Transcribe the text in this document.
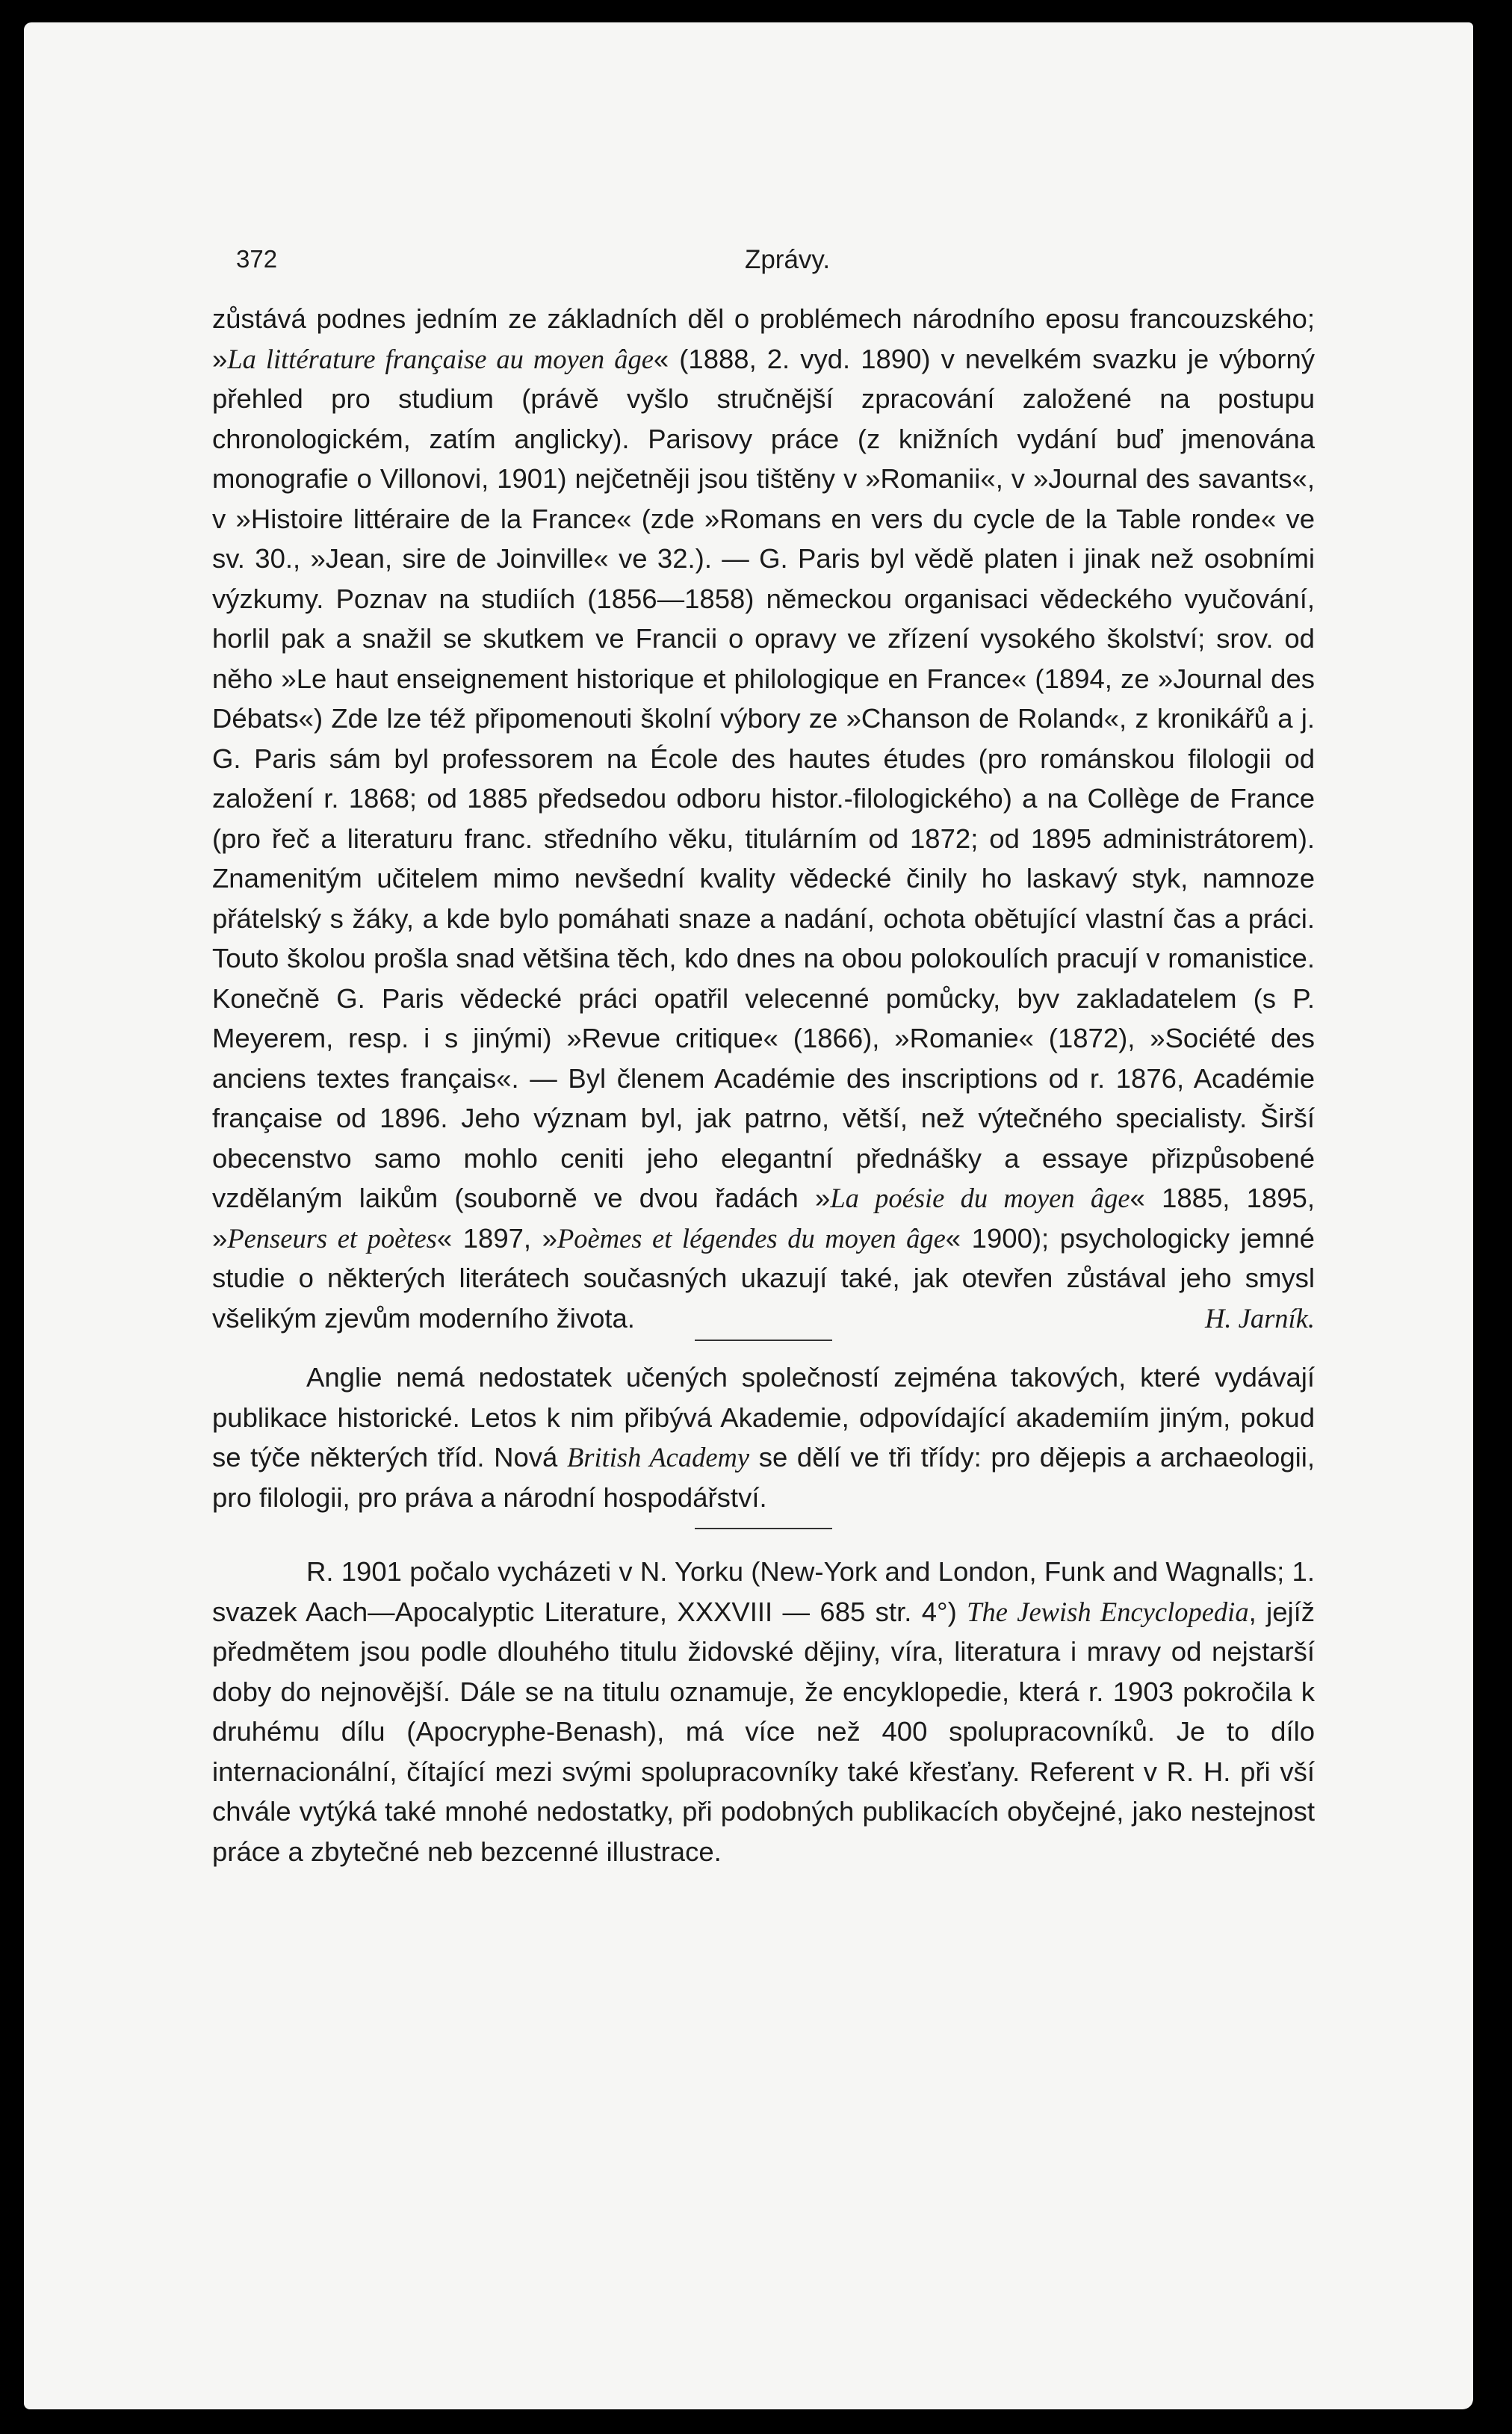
372	Zprávy.

zůstává podnes jedním ze základních děl o problémech národního eposu francouzského; »La littérature française au moyen âge« (1888, 2. vyd. 1890) v nevelkém svazku je výborný přehled pro studium (právě vyšlo stručnější zpracování založené na postupu chronologickém, zatím anglicky). Parisovy práce (z knižních vydání buď jmenována monografie o Villonovi, 1901) nejčetněji jsou tištěny v »Romanii«, v »Journal des savants«, v »Histoire littéraire de la France« (zde »Romans en vers du cycle de la Table ronde« ve sv. 30., »Jean, sire de Joinville« ve 32.). — G. Paris byl vědě platen i jinak než osobními výzkumy. Poznav na studiích (1856—1858) německou organisaci vědeckého vyučování, horlil pak a snažil se skutkem ve Francii o opravy ve zřízení vysokého školství; srov. od něho »Le haut enseignement historique et philologique en France« (1894, ze »Journal des Débats«) Zde lze též připomenouti školní výbory ze »Chanson de Roland«, z kronikářů a j. G. Paris sám byl professorem na École des hautes études (pro románskou filologii od založení r. 1868; od 1885 předsedou odboru histor.-filologického) a na Collège de France (pro řeč a literaturu franc. středního věku, titulárním od 1872; od 1895 administrátorem). Znamenitým učitelem mimo nevšední kvality vědecké činily ho laskavý styk, namnoze přátelský s žáky, a kde bylo pomáhati snaze a nadání, ochota obětující vlastní čas a práci. Touto školou prošla snad většina těch, kdo dnes na obou polokoulích pracují v romanistice. Konečně G. Paris vědecké práci opatřil velecenné pomůcky, byv zakladatelem (s P. Meyerem, resp. i s jinými) »Revue critique« (1866), »Romanie« (1872), »Société des anciens textes français«. — Byl členem Académie des inscriptions od r. 1876, Académie française od 1896. Jeho význam byl, jak patrno, větší, než výtečného specialisty. Širší obecenstvo samo mohlo ceniti jeho elegantní přednášky a essaye přizpůsobené vzdělaným laikům (souborně ve dvou řadách »La poésie du moyen âge« 1885, 1895, »Penseurs et poètes« 1897, »Poèmes et légendes du moyen âge« 1900); psychologicky jemné studie o některých literátech současných ukazují také, jak otevřen zůstával jeho smysl všelikým zjevům moderního života.	H. Jarník.

Anglie nemá nedostatek učených společností zejména takových, které vydávají publikace historické. Letos k nim přibývá Akademie, odpovídající akademiím jiným, pokud se týče některých tříd. Nová British Academy se dělí ve tři třídy: pro dějepis a archaeologii, pro filologii, pro práva a národní hospodářství.

R. 1901 počalo vycházeti v N. Yorku (New-York and London, Funk and Wagnalls; 1. svazek Aach—Apocalyptic Literature, XXXVIII — 685 str. 4°) The Jewish Encyclopedia, jejíž předmětem jsou podle dlouhého titulu židovské dějiny, víra, literatura i mravy od nejstarší doby do nejnovější. Dále se na titulu oznamuje, že encyklopedie, která r. 1903 pokročila k druhému dílu (Apocryphe-Benash), má více než 400 spolupracovníků. Je to dílo internacionální, čítající mezi svými spolupracovníky také křesťany. Referent v R. H. při vší chvále vytýká také mnohé nedostatky, při podobných publikacích obyčejné, jako nestejnost práce a zbytečné neb bezcenné illustrace.
